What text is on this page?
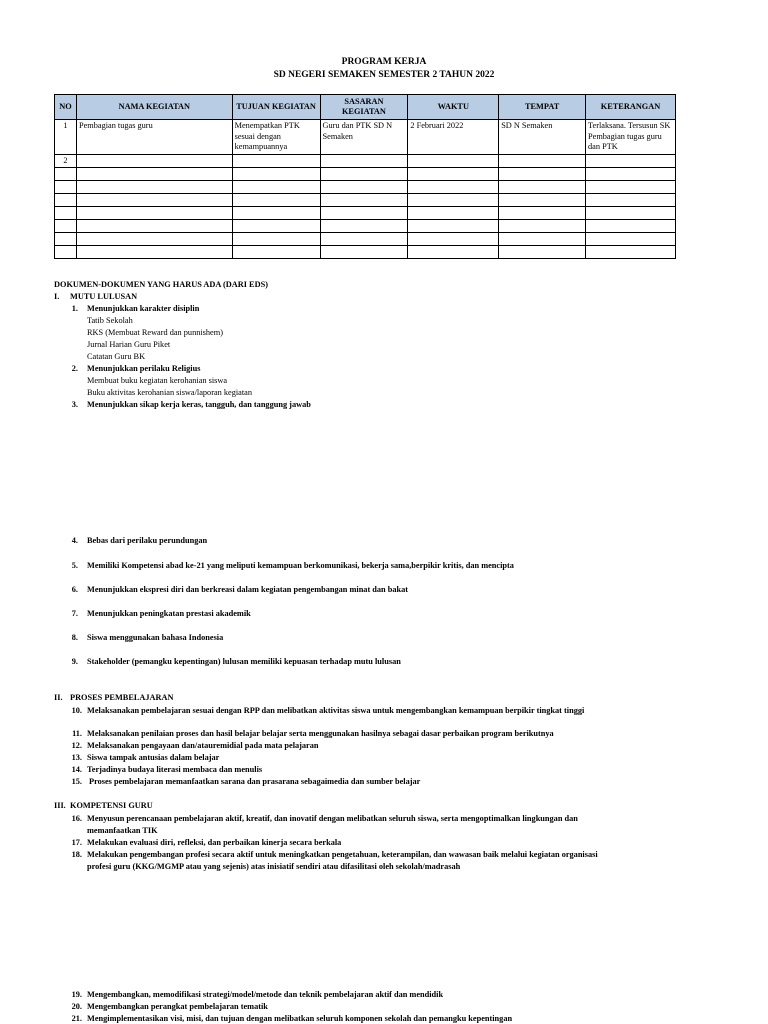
PROGRAM KERJA
SD NEGERI SEMAKEN SEMESTER 2 TAHUN 2022
NO	NAMA KEGIATAN	TUJUAN KEGIATAN	SASARAN KEGIATAN	WAKTU	TEMPAT	KETERANGAN
1	Pembagian tugas guru	Menempatkan PTK sesuai dengan kemampuannya	Guru dan PTK SD N Semaken	2 Februari 2022	SD N Semaken	Terlaksana. Tersusun SK Pembagian tugas guru dan PTK
2						

DOKUMEN-DOKUMEN YANG HARUS ADA (DARI EDS)
I. MUTU LULUSAN
1. Menunjukkan karakter disiplin
Tatib Sekolah
RKS (Membuat Reward dan punnishem)
Jurnal Harian Guru Piket
Catatan Guru BK
2. Menunjukkan perilaku Religius
Membuat buku kegiatan kerohanian siswa
Buku aktivitas kerohanian siswa/laporan kegiatan
3. Menunjukkan sikap kerja keras, tangguh, dan tanggung jawab
4. Bebas dari perilaku perundungan
5. Memiliki Kompetensi abad ke-21 yang meliputi kemampuan berkomunikasi, bekerja sama,berpikir kritis, dan mencipta
6. Menunjukkan ekspresi diri dan berkreasi dalam kegiatan pengembangan minat dan bakat
7. Menunjukkan peningkatan prestasi akademik
8. Siswa menggunakan bahasa Indonesia
9. Stakeholder (pemangku kepentingan) lulusan memiliki kepuasan terhadap mutu lulusan
II. PROSES PEMBELAJARAN
10. Melaksanakan pembelajaran sesuai dengan RPP dan melibatkan aktivitas siswa untuk mengembangkan kemampuan berpikir tingkat tinggi
11. Melaksanakan penilaian proses dan hasil belajar belajar serta menggunakan hasilnya sebagai dasar perbaikan program berikutnya
12. Melaksanakan pengayaan dan/atauremidial pada mata pelajaran
13. Siswa tampak antusias dalam belajar
14. Terjadinya budaya literasi membaca dan menulis
15. Proses pembelajaran memanfaatkan sarana dan prasarana sebagaimedia dan sumber belajar
III. KOMPETENSI GURU
16. Menyusun perencanaan pembelajaran aktif, kreatif, dan inovatif dengan melibatkan seluruh siswa, serta mengoptimalkan lingkungan dan
memanfaatkan TIK
17. Melakukan evaluasi diri, refleksi, dan perbaikan kinerja secara berkala
18. Melakukan pengembangan profesi secara aktif untuk meningkatkan pengetahuan, keterampilan, dan wawasan baik melalui kegiatan organisasi
profesi guru (KKG/MGMP atau yang sejenis) atas inisiatif sendiri atau difasilitasi oleh sekolah/madrasah
19. Mengembangkan, memodifikasi strategi/model/metode dan teknik pembelajaran aktif dan mendidik
20. Mengembangkan perangkat pembelajaran tematik
21. Mengimplementasikan visi, misi, dan tujuan dengan melibatkan seluruh komponen sekolah dan pemangku kepentingan
